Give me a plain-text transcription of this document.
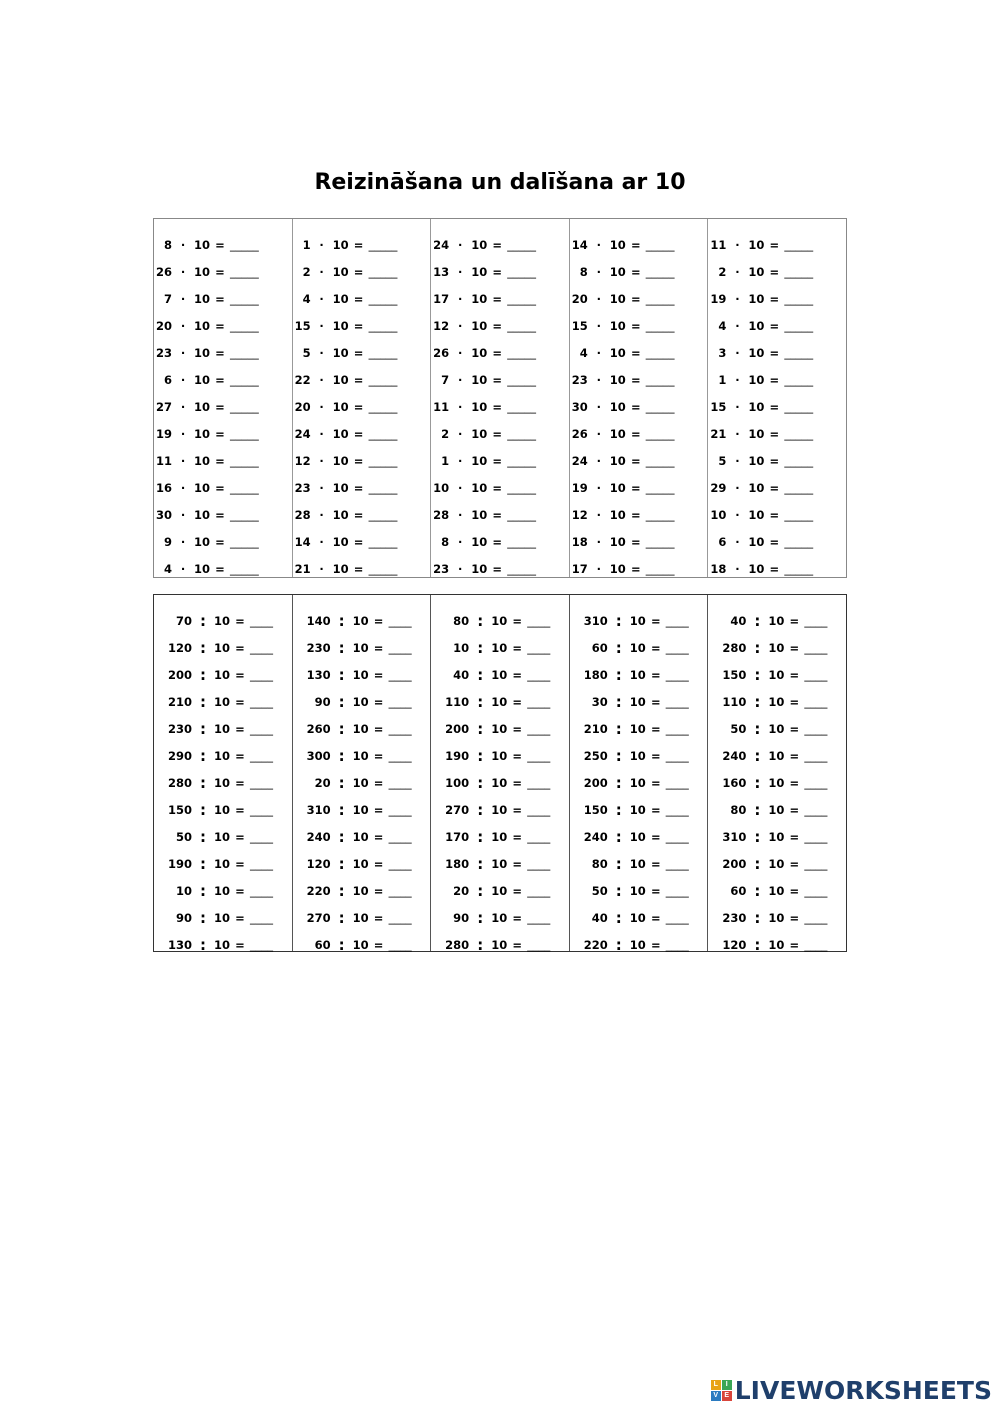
Reizināšana un dalīšana ar 10
8 · 10 = _____
26 · 10 = _____
7 · 10 = _____
20 · 10 = _____
23 · 10 = _____
6 · 10 = _____
27 · 10 = _____
19 · 10 = _____
11 · 10 = _____
16 · 10 = _____
30 · 10 = _____
9 · 10 = _____
4 · 10 = _____
1 · 10 = _____
2 · 10 = _____
4 · 10 = _____
15 · 10 = _____
5 · 10 = _____
22 · 10 = _____
20 · 10 = _____
24 · 10 = _____
12 · 10 = _____
23 · 10 = _____
28 · 10 = _____
14 · 10 = _____
21 · 10 = _____
24 · 10 = _____
13 · 10 = _____
17 · 10 = _____
12 · 10 = _____
26 · 10 = _____
7 · 10 = _____
11 · 10 = _____
2 · 10 = _____
1 · 10 = _____
10 · 10 = _____
28 · 10 = _____
8 · 10 = _____
23 · 10 = _____
14 · 10 = _____
8 · 10 = _____
20 · 10 = _____
15 · 10 = _____
4 · 10 = _____
23 · 10 = _____
30 · 10 = _____
26 · 10 = _____
24 · 10 = _____
19 · 10 = _____
12 · 10 = _____
18 · 10 = _____
17 · 10 = _____
11 · 10 = _____
2 · 10 = _____
19 · 10 = _____
4 · 10 = _____
3 · 10 = _____
1 · 10 = _____
15 · 10 = _____
21 · 10 = _____
5 · 10 = _____
29 · 10 = _____
10 · 10 = _____
6 · 10 = _____
18 · 10 = _____
70 : 10 = ____
120 : 10 = ____
200 : 10 = ____
210 : 10 = ____
230 : 10 = ____
290 : 10 = ____
280 : 10 = ____
150 : 10 = ____
50 : 10 = ____
190 : 10 = ____
10 : 10 = ____
90 : 10 = ____
130 : 10 = ____
140 : 10 = ____
230 : 10 = ____
130 : 10 = ____
90 : 10 = ____
260 : 10 = ____
300 : 10 = ____
20 : 10 = ____
310 : 10 = ____
240 : 10 = ____
120 : 10 = ____
220 : 10 = ____
270 : 10 = ____
60 : 10 = ____
80 : 10 = ____
10 : 10 = ____
40 : 10 = ____
110 : 10 = ____
200 : 10 = ____
190 : 10 = ____
100 : 10 = ____
270 : 10 = ____
170 : 10 = ____
180 : 10 = ____
20 : 10 = ____
90 : 10 = ____
280 : 10 = ____
310 : 10 = ____
60 : 10 = ____
180 : 10 = ____
30 : 10 = ____
210 : 10 = ____
250 : 10 = ____
200 : 10 = ____
150 : 10 = ____
240 : 10 = ____
80 : 10 = ____
50 : 10 = ____
40 : 10 = ____
220 : 10 = ____
40 : 10 = ____
280 : 10 = ____
150 : 10 = ____
110 : 10 = ____
50 : 10 = ____
240 : 10 = ____
160 : 10 = ____
80 : 10 = ____
310 : 10 = ____
200 : 10 = ____
60 : 10 = ____
230 : 10 = ____
120 : 10 = ____
L	I
V E LIVEWORKSHEETS
